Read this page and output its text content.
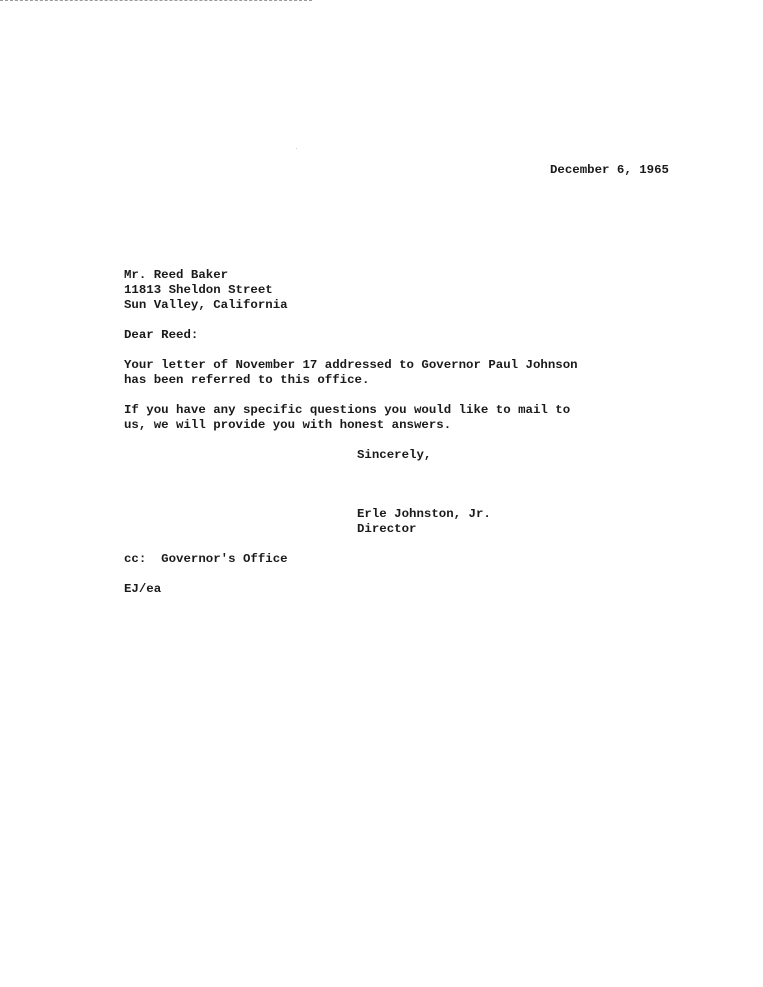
December 6, 1965
Mr. Reed Baker
11813 Sheldon Street
Sun Valley, California
Dear Reed:
Your letter of November 17 addressed to Governor Paul Johnson
has been referred to this office.
If you have any specific questions you would like to mail to
us, we will provide you with honest answers.
Sincerely,
Erle Johnston, Jr.
Director
cc:  Governor's Office
EJ/ea
